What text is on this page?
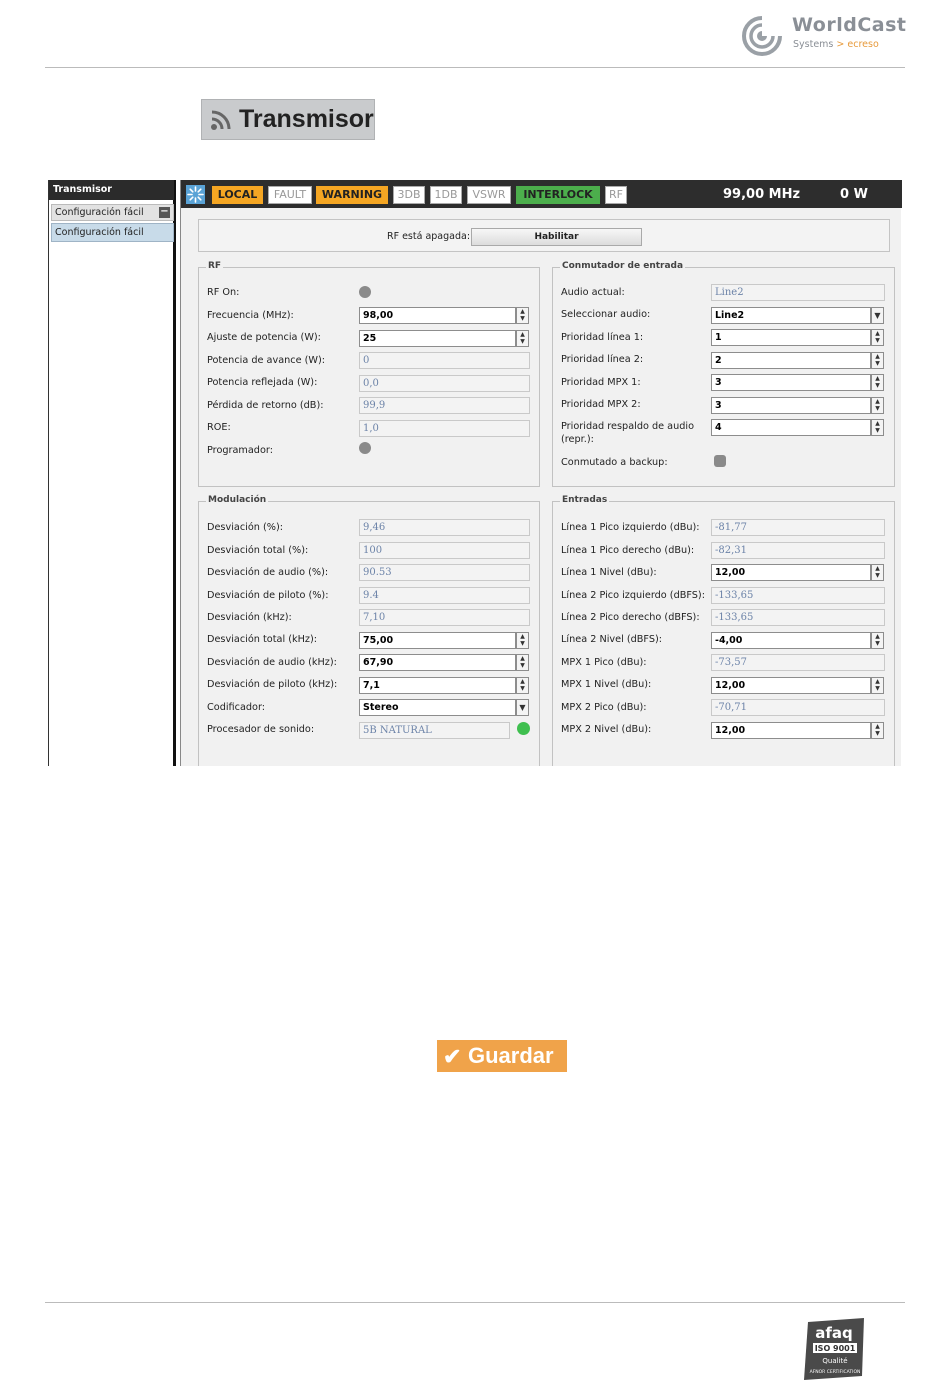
WorldCast
Systems > ecreso
Transmisor
Transmisor
Configuración fácil −
Configuración fácil
LOCAL	FAULT	WARNING	3DB	1DB	VSWR	INTERLOCK	RF	99,00 MHz	0 W
RF está apagada:	Habilitar
RF
RF On:
Frecuencia (MHz):	98,00	▲
▼
Ajuste de potencia (W):	25	▲
▼
Potencia de avance (W):	0
Potencia reflejada (W):	0,0
Pérdida de retorno (dB):	99,9
ROE:	1,0
Programador:
Conmutador de entrada
Audio actual:	Line2
Seleccionar audio:	Line2	▼
Prioridad línea 1:	1	▲
▼
Prioridad línea 2:	2	▲
▼
Prioridad MPX 1:	3	▲
▼
Prioridad MPX 2:	3	▲
▼
Prioridad respaldo de audio
(repr.):
4	▲
▼
Conmutado a backup:
Modulación
Desviación (%):	9,46
Desviación total (%):	100
Desviación de audio (%):	90.53
Desviación de piloto (%):	9.4
Desviación (kHz):	7,10
Desviación total (kHz):	75,00	▲
▼
Desviación de audio (kHz):	67,90	▲
▼
Desviación de piloto (kHz):	7,1	▲
▼
Codificador:	Stereo	▼
Procesador de sonido:	5B NATURAL
Entradas
Línea 1 Pico izquierdo (dBu):	-81,77
Línea 1 Pico derecho (dBu):	-82,31
Línea 1 Nivel (dBu):	12,00	▲
▼
Línea 2 Pico izquierdo (dBFS):	-133,65
Línea 2 Pico derecho (dBFS):	-133,65
Línea 2 Nivel (dBFS):	-4,00	▲
▼
MPX 1 Pico (dBu):	-73,57
MPX 1 Nivel (dBu):	12,00	▲
▼
MPX 2 Pico (dBu):	-70,71
MPX 2 Nivel (dBu):	12,00	▲
▼
✔ Guardar
afaq
ISO 9001
Qualité
AFNOR CERTIFICATION
